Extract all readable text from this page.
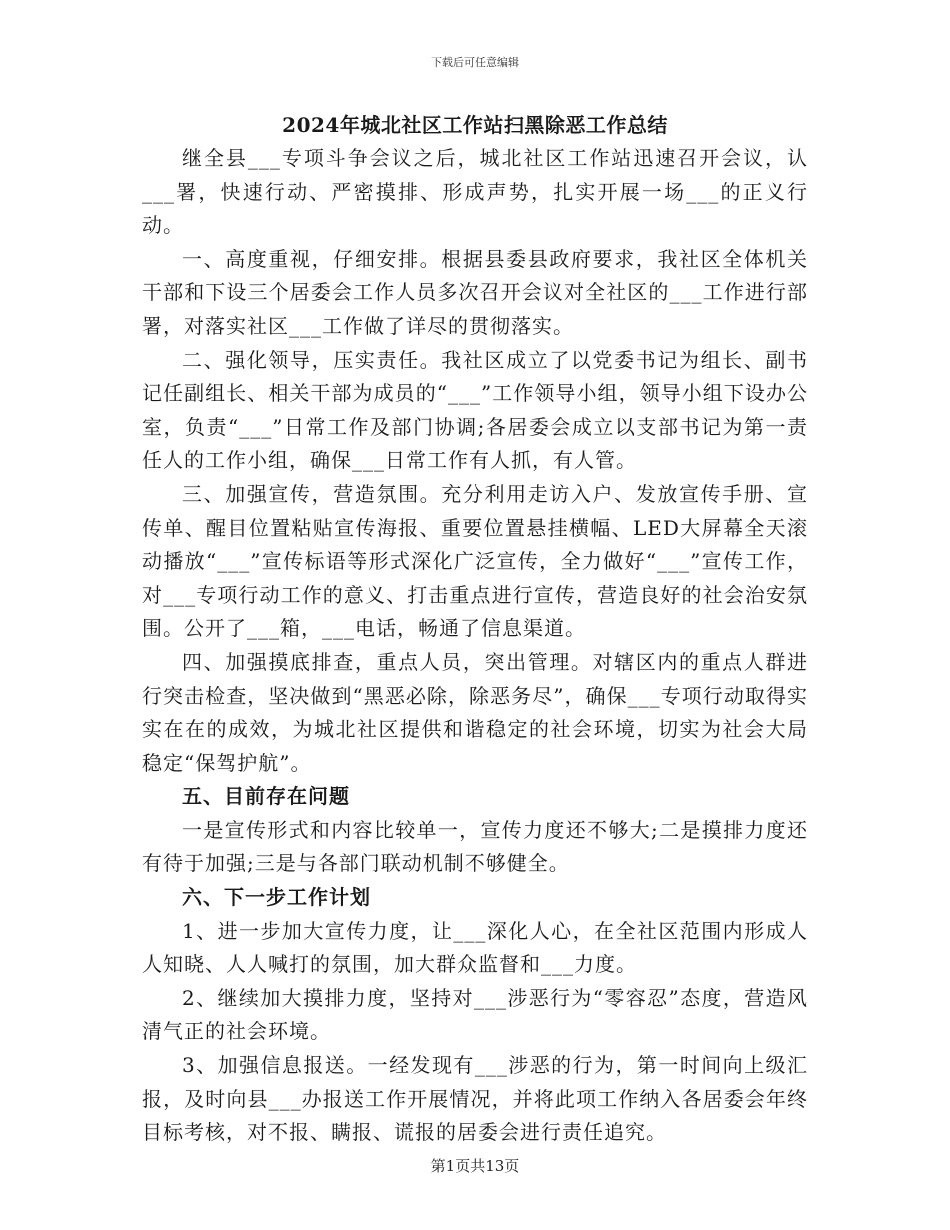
下载后可任意编辑

2024年城北社区工作站扫黑除恶工作总结

继全县___专项斗争会议之后，城北社区工作站迅速召开会议，认___署，快速行动、严密摸排、形成声势，扎实开展一场___的正义行动。

一、高度重视，仔细安排。根据县委县政府要求，我社区全体机关干部和下设三个居委会工作人员多次召开会议对全社区的___工作进行部署，对落实社区___工作做了详尽的贯彻落实。

二、强化领导，压实责任。我社区成立了以党委书记为组长、副书记任副组长、相关干部为成员的“___”工作领导小组，领导小组下设办公室，负责“___”日常工作及部门协调;各居委会成立以支部书记为第一责任人的工作小组，确保___日常工作有人抓，有人管。

三、加强宣传，营造氛围。充分利用走访入户、发放宣传手册、宣传单、醒目位置粘贴宣传海报、重要位置悬挂横幅、LED大屏幕全天滚动播放“___”宣传标语等形式深化广泛宣传，全力做好“___”宣传工作，对___专项行动工作的意义、打击重点进行宣传，营造良好的社会治安氛围。公开了___箱，___电话，畅通了信息渠道。

四、加强摸底排查，重点人员，突出管理。对辖区内的重点人群进行突击检查，坚决做到“黑恶必除，除恶务尽”，确保___专项行动取得实实在在的成效，为城北社区提供和谐稳定的社会环境，切实为社会大局稳定“保驾护航”。

五、目前存在问题

一是宣传形式和内容比较单一，宣传力度还不够大;二是摸排力度还有待于加强;三是与各部门联动机制不够健全。

六、下一步工作计划

1、进一步加大宣传力度，让___深化人心，在全社区范围内形成人人知晓、人人喊打的氛围，加大群众监督和___力度。

2、继续加大摸排力度，坚持对___涉恶行为“零容忍”态度，营造风清气正的社会环境。

3、加强信息报送。一经发现有___涉恶的行为，第一时间向上级汇报，及时向县___办报送工作开展情况，并将此项工作纳入各居委会年终目标考核，对不报、瞒报、谎报的居委会进行责任追究。

第1页共13页
